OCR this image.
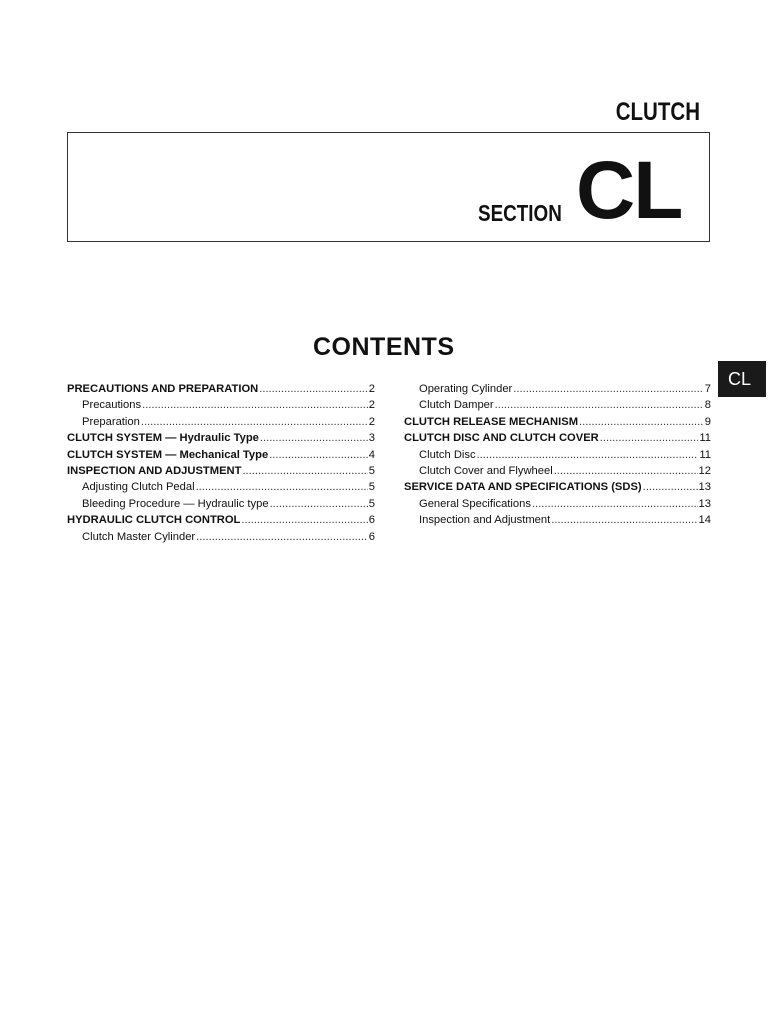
CLUTCH
SECTION CL
CONTENTS
CL
PRECAUTIONS AND PREPARATION .....	2
Precautions .....	2
Preparation .....	2
CLUTCH SYSTEM — Hydraulic Type .....	3
CLUTCH SYSTEM — Mechanical Type .....	4
INSPECTION AND ADJUSTMENT .....	5
Adjusting Clutch Pedal .....	5
Bleeding Procedure — Hydraulic type .....	5
HYDRAULIC CLUTCH CONTROL .....	6
Clutch Master Cylinder .....	6
Operating Cylinder .....	7
Clutch Damper .....	8
CLUTCH RELEASE MECHANISM .....	9
CLUTCH DISC AND CLUTCH COVER .....	11
Clutch Disc .....	11
Clutch Cover and Flywheel .....	12
SERVICE DATA AND SPECIFICATIONS (SDS) .....	13
General Specifications .....	13
Inspection and Adjustment .....	14
